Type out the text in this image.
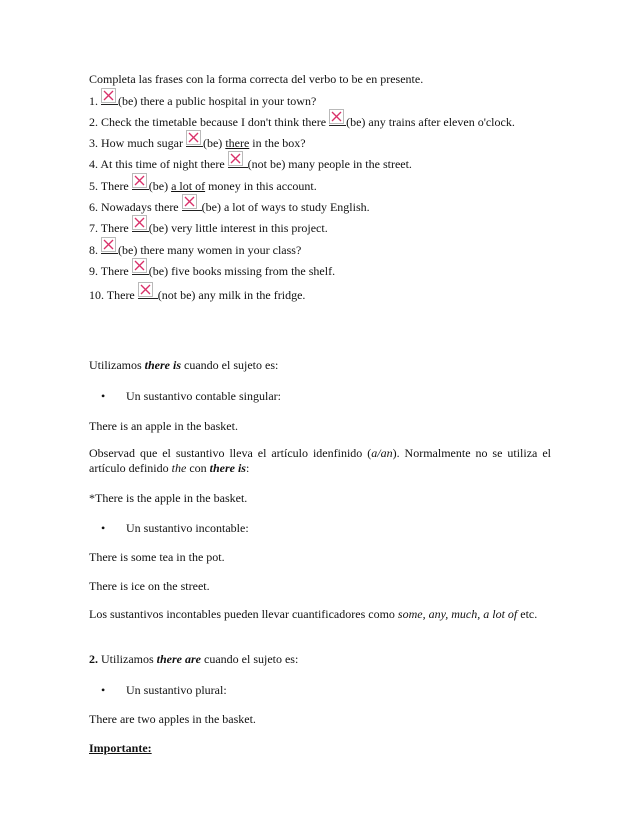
Completa las frases con la forma correcta del verbo to be en presente.
1.
(be) there a public hospital in your town?
2. Check the timetable because I don't think there
(be) any trains after eleven o'clock.
3. How much sugar
(be) there in the box?
4. At this time of night there
(not be) many people in the street.
5. There
(be) a lot of money in this account.
6. Nowadays there
(be) a lot of ways to study English.
7. There
(be) very little interest in this project.
8.
(be) there many women in your class?
9. There
(be) five books missing from the shelf.
10. There
(not be) any milk in the fridge.
Utilizamos there is cuando el sujeto es:
• Un sustantivo contable singular:
There is an apple in the basket.
Observad que el sustantivo lleva el artículo idenfinido (a/an). Normalmente no se utiliza el artículo definido the con there is:
*There is the apple in the basket.
• Un sustantivo incontable:
There is some tea in the pot.
There is ice on the street.
Los sustantivos incontables pueden llevar cuantificadores como some, any, much, a lot of etc.
2. Utilizamos there are cuando el sujeto es:
• Un sustantivo plural:
There are two apples in the basket.
Importante:
